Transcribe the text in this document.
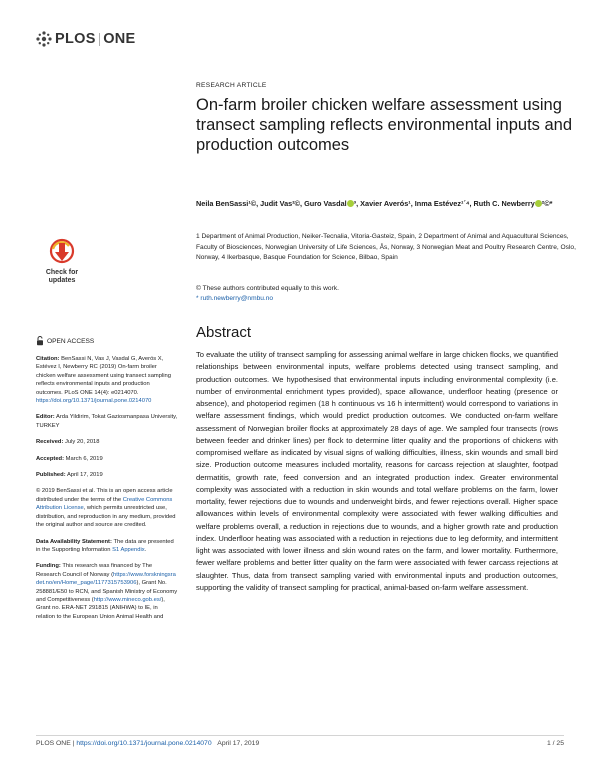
PLOS ONE
RESEARCH ARTICLE
On-farm broiler chicken welfare assessment using transect sampling reflects environmental inputs and production outcomes
Neila BenSassi¹©, Judit Vas²©, Guro Vasdal ³, Xavier Averós¹, Inma Estévez¹´⁴, Ruth C. Newberry ²©*
1 Department of Animal Production, Neiker-Tecnalia, Vitoria-Gasteiz, Spain, 2 Department of Animal and Aquacultural Sciences, Faculty of Biosciences, Norwegian University of Life Sciences, Ås, Norway, 3 Norwegian Meat and Poultry Research Centre, Oslo, Norway, 4 Ikerbasque, Basque Foundation for Science, Bilbao, Spain
© These authors contributed equally to this work.
* ruth.newberry@nmbu.no
Abstract

To evaluate the utility of transect sampling for assessing animal welfare in large chicken flocks, we quantified relationships between environmental inputs, welfare problems detected using transect sampling, and production outcomes. We hypothesised that environmental inputs including environmental complexity (i.e. number of environmental enrichment types provided), space allowance, underfloor heating (presence or absence), and photoperiod regimen (18 h continuous vs 16 h intermittent) would correspond to variations in welfare assessment findings, which would predict production outcomes. We conducted on-farm welfare assessment of Norwegian broiler flocks at approximately 28 days of age. We sampled four transects (rows between feeder and drinker lines) per flock to determine litter quality and the proportions of chickens with compromised welfare as indicated by visual signs of walking difficulties, illness, skin wounds and small bird size. Production outcome measures included mortality, reasons for carcass rejection at slaughter, footpad dermatitis, growth rate, feed conversion and an integrated production index. Greater environmental complexity was associated with a reduction in skin wounds and total welfare problems on the farm, lower mortality, fewer rejections due to wounds and underweight birds, and fewer rejections overall. Higher space allowances within levels of environmental complexity were associated with fewer walking difficulties and welfare problems overall, a reduction in rejections due to wounds, and a higher growth rate and production index. Underfloor heating was associated with a reduction in rejections due to leg deformity, and intermittent light was associated with lower illness and skin wound rates on the farm, and lower mortality. Furthermore, fewer welfare problems and better litter quality on the farm were associated with fewer carcass rejections at slaughter. Thus, data from transect sampling varied with environmental inputs and production outcomes, supporting the validity of transect sampling for practical, animal-based on-farm welfare assessment.

Check for
updates
OPEN ACCESS

Citation: BenSassi N, Vas J, Vasdal G, Averós X, Estévez I, Newberry RC (2019) On-farm broiler chicken welfare assessment using transect sampling reflects environmental inputs and production outcomes. PLoS ONE 14(4): e0214070. https://doi.org/10.1371/journal.pone.0214070

Editor: Arda Yildirim, Tokat Gaziosmanpasa University, TURKEY

Received: July 20, 2018

Accepted: March 6, 2019

Published: April 17, 2019

© 2019 BenSassi et al. This is an open access article distributed under the terms of the Creative Commons Attribution License, which permits unrestricted use, distribution, and reproduction in any medium, provided the original author and source are credited.

Data Availability Statement: The data are presented in the Supporting Information S1 Appendix.

Funding: This research was financed by The Research Council of Norway (https://www.forskningsradet.no/en/Home_page/1177315753906), Grant No. 258881/E50 to RCN, and Spanish Ministry of Economy and Competitiveness (http://www.mineco.gob.es/), Grant no. ERA-NET 291815 (ANIHWA) to IE, in relation to the European Union Animal Health and

PLOS ONE | https://doi.org/10.1371/journal.pone.0214070 April 17, 2019	1 / 25
